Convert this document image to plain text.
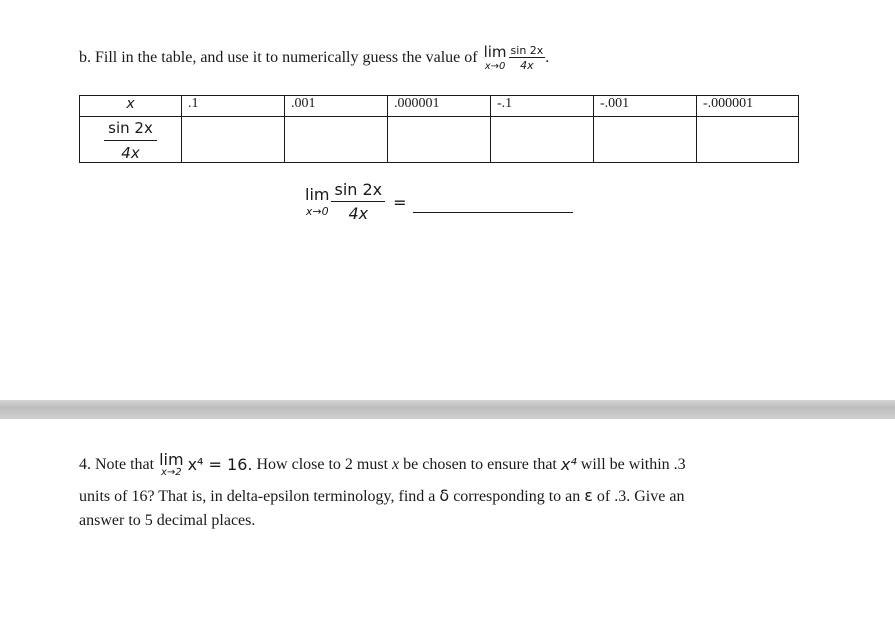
b. Fill in the table, and use it to numerically guess the value of lim
$x\to 0 \frac{\sin 2x}{4x}$ .
x	.1	.001	.000001	-.1	-.001	-.000001

sin 2x
4x						

lim
$x\to 0 \frac{\sin 2x}{4x}$ =
4. Note that lim
x→2 x⁴ = 16. How close to 2 must x be chosen to ensure that x⁴ will be within .3
units of 16? That is, in delta-epsilon terminology, find a δ corresponding to an ε of .3. Give an
answer to 5 decimal places.
